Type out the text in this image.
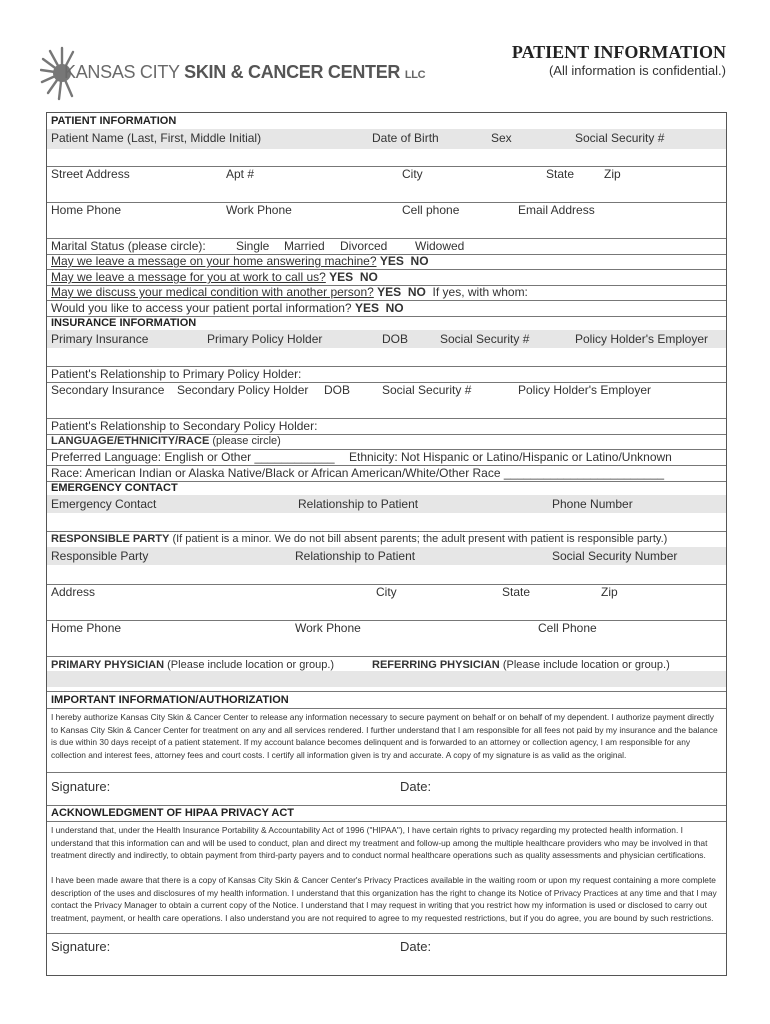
KANSAS CITY SKIN & CANCER CENTER LLC
PATIENT INFORMATION
(All information is confidential.)
PATIENT INFORMATION
Patient Name (Last, First, Middle Initial)	Date of Birth	Sex	Social Security #
Street Address	Apt #	City	State Zip
Home Phone	Work Phone	Cell phone	Email Address
Marital Status (please circle):	Single Married Divorced Widowed
May we leave a message on your home answering machine? YES NO
May we leave a message for you at work to call us? YES NO
May we discuss your medical condition with another person? YES NO If yes, with whom:
Would you like to access your patient portal information? YES NO
INSURANCE INFORMATION
Primary Insurance	Primary Policy Holder	DOB	Social Security #	Policy Holder's Employer
Patient's Relationship to Primary Policy Holder:
Secondary Insurance Secondary Policy Holder DOB	Social Security #	Policy Holder's Employer
Patient's Relationship to Secondary Policy Holder:
LANGUAGE/ETHNICITY/RACE (please circle)
Preferred Language: English or Other ____________ Ethnicity: Not Hispanic or Latino/Hispanic or Latino/Unknown
Race: American Indian or Alaska Native/Black or African American/White/Other Race ________________________
EMERGENCY CONTACT
Emergency Contact	Relationship to Patient	Phone Number
RESPONSIBLE PARTY (If patient is a minor. We do not bill absent parents; the adult present with patient is responsible party.)
Responsible Party	Relationship to Patient	Social Security Number
Address	City	State	Zip
Home Phone	Work Phone	Cell Phone
PRIMARY PHYSICIAN (Please include location or group.)	REFERRING PHYSICIAN (Please include location or group.)
IMPORTANT INFORMATION/AUTHORIZATION
I hereby authorize Kansas City Skin & Cancer Center to release any information necessary to secure payment on behalf or on behalf of my dependent. I authorize payment directly to Kansas City Skin & Cancer Center for treatment on any and all services rendered. I further understand that I am responsible for all fees not paid by my insurance and the balance is due within 30 days receipt of a patient statement. If my account balance becomes delinquent and is forwarded to an attorney or collection agency, I am responsible for any collection and interest fees, attorney fees and court costs. I certify all information given is try and accurate. A copy of my signature is as valid as the original.
Signature:	Date:
ACKNOWLEDGMENT OF HIPAA PRIVACY ACT
I understand that, under the Health Insurance Portability & Accountability Act of 1996 ("HIPAA"), I have certain rights to privacy regarding my protected health information. I understand that this information can and will be used to conduct, plan and direct my treatment and follow-up among the multiple healthcare providers who may be involved in that treatment directly and indirectly, to obtain payment from third-party payers and to conduct normal healthcare operations such as quality assessments and physician certifications.
I have been made aware that there is a copy of Kansas City Skin & Cancer Center's Privacy Practices available in the waiting room or upon my request containing a more complete description of the uses and disclosures of my health information. I understand that this organization has the right to change its Notice of Privacy Practices at any time and that I may contact the Privacy Manager to obtain a current copy of the Notice. I understand that I may request in writing that you restrict how my information is used or disclosed to carry out treatment, payment, or health care operations. I also understand you are not required to agree to my requested restrictions, but if you do agree, you are bound by such restrictions.
Signature:	Date:
